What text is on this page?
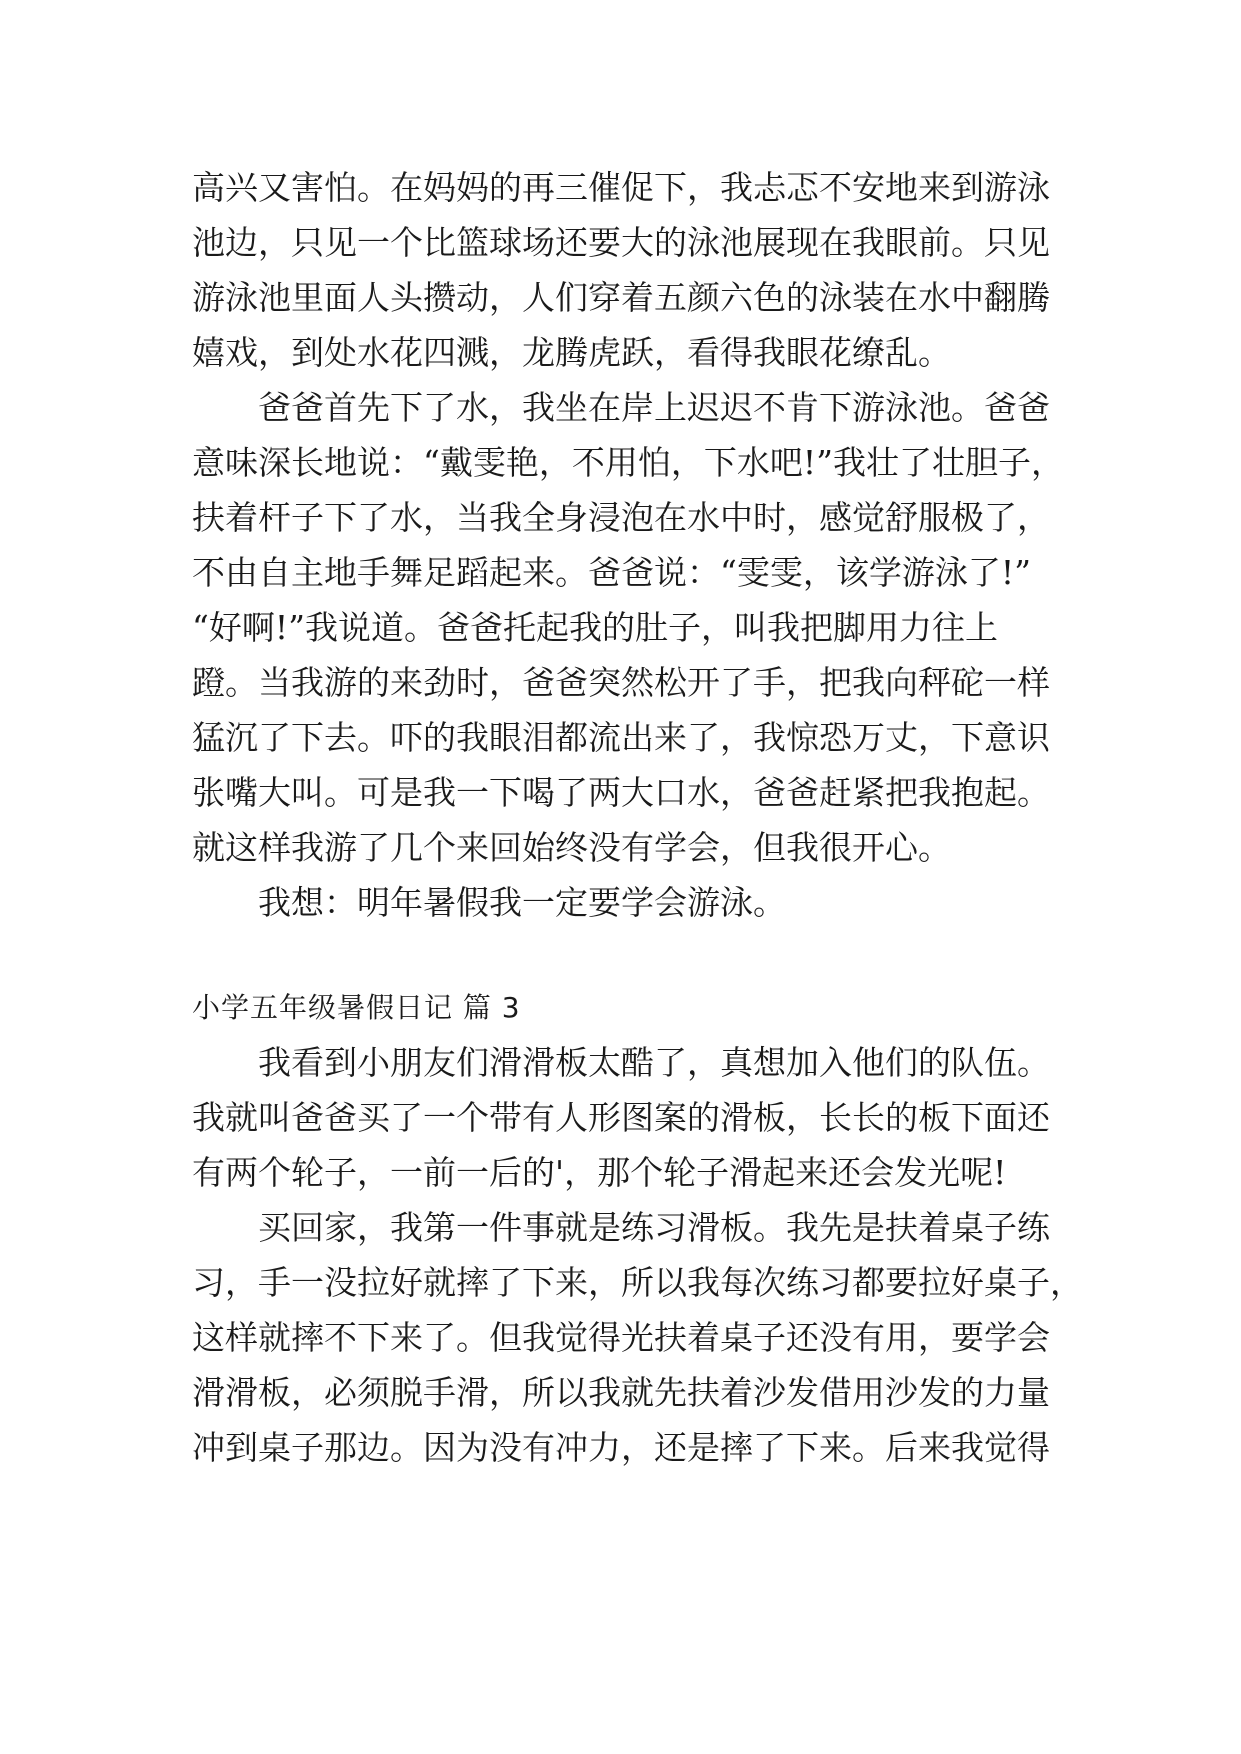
高兴又害怕。在妈妈的再三催促下，我忐忑不安地来到游泳
池边，只见一个比篮球场还要大的泳池展现在我眼前。只见
游泳池里面人头攒动，人们穿着五颜六色的泳装在水中翻腾
嬉戏，到处水花四溅，龙腾虎跃，看得我眼花缭乱。
爸爸首先下了水，我坐在岸上迟迟不肯下游泳池。爸爸
意味深长地说：“戴雯艳，不用怕，下水吧!”我壮了壮胆子，
扶着杆子下了水，当我全身浸泡在水中时，感觉舒服极了，
不由自主地手舞足蹈起来。爸爸说：“雯雯，该学游泳了!”
“好啊!”我说道。爸爸托起我的肚子，叫我把脚用力往上
蹬。当我游的来劲时，爸爸突然松开了手，把我向秤砣一样
猛沉了下去。吓的我眼泪都流出来了，我惊恐万丈，下意识
张嘴大叫。可是我一下喝了两大口水，爸爸赶紧把我抱起。
就这样我游了几个来回始终没有学会，但我很开心。
我想：明年暑假我一定要学会游泳。
小学五年级暑假日记 篇 3
我看到小朋友们滑滑板太酷了，真想加入他们的队伍。
我就叫爸爸买了一个带有人形图案的滑板，长长的板下面还
有两个轮子，一前一后的'，那个轮子滑起来还会发光呢!
买回家，我第一件事就是练习滑板。我先是扶着桌子练
习，手一没拉好就摔了下来，所以我每次练习都要拉好桌子，
这样就摔不下来了。但我觉得光扶着桌子还没有用，要学会
滑滑板，必须脱手滑，所以我就先扶着沙发借用沙发的力量
冲到桌子那边。因为没有冲力，还是摔了下来。后来我觉得
